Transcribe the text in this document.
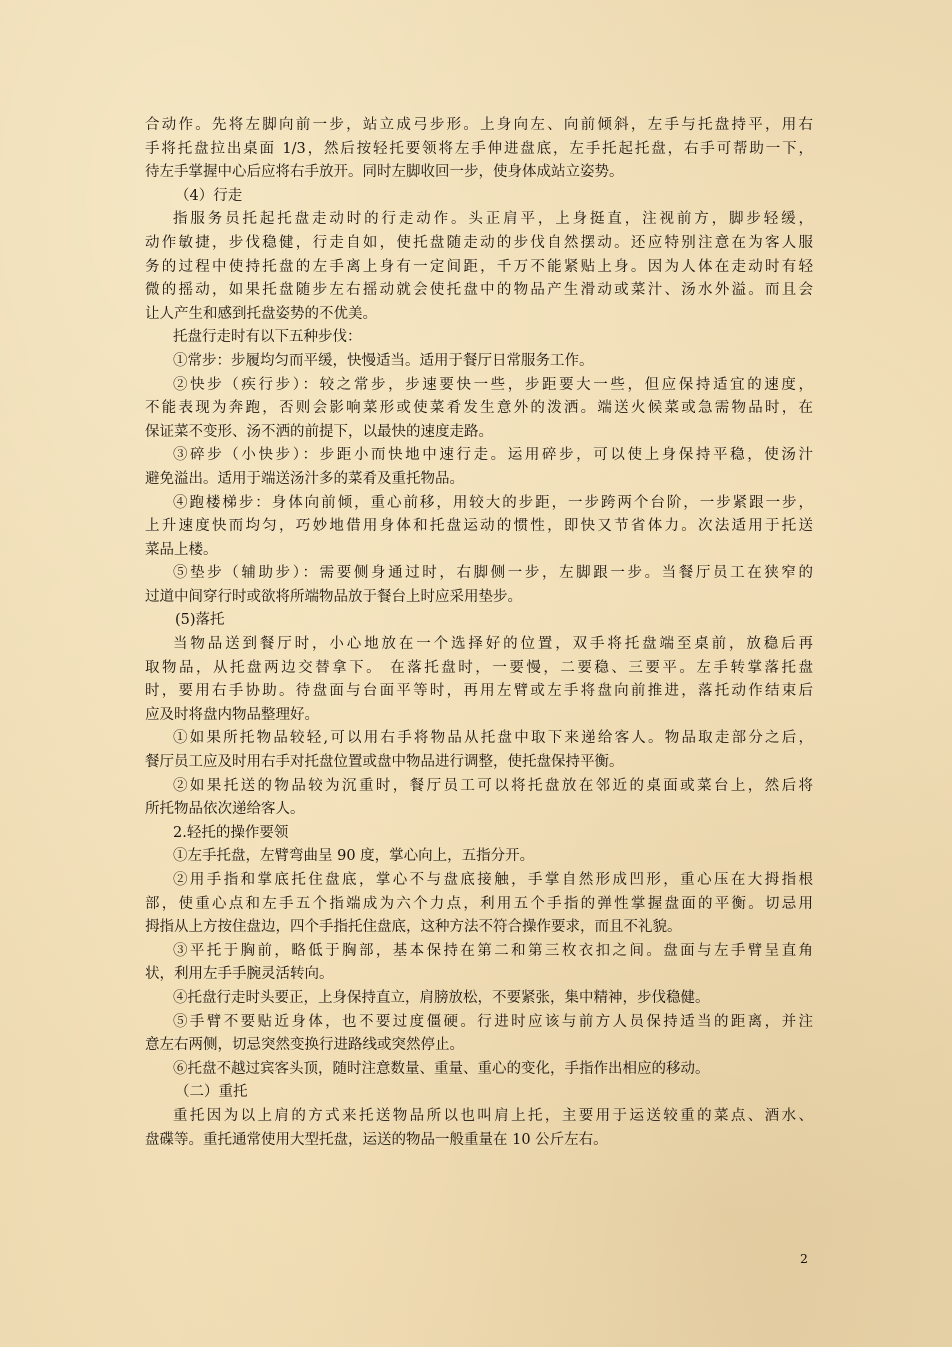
合动作。先将左脚向前一步，站立成弓步形。上身向左、向前倾斜，左手与托盘持平，用右
手将托盘拉出桌面 1/3，然后按轻托要领将左手伸进盘底，左手托起托盘，右手可帮助一下，
待左手掌握中心后应将右手放开。同时左脚收回一步，使身体成站立姿势。
（4）行走
指服务员托起托盘走动时的行走动作。头正肩平，上身挺直，注视前方，脚步轻缓，
动作敏捷，步伐稳健，行走自如，使托盘随走动的步伐自然摆动。还应特别注意在为客人服
务的过程中使持托盘的左手离上身有一定间距，千万不能紧贴上身。因为人体在走动时有轻
微的摇动，如果托盘随步左右摇动就会使托盘中的物品产生滑动或菜汁、汤水外溢。而且会
让人产生和感到托盘姿势的不优美。
托盘行走时有以下五种步伐：
①常步：步履均匀而平缓，快慢适当。适用于餐厅日常服务工作。
②快步（疾行步）：较之常步，步速要快一些，步距要大一些，但应保持适宜的速度，
不能表现为奔跑，否则会影响菜形或使菜肴发生意外的泼洒。端送火候菜或急需物品时，在
保证菜不变形、汤不洒的前提下，以最快的速度走路。
③碎步（小快步）：步距小而快地中速行走。运用碎步，可以使上身保持平稳，使汤汁
避免溢出。适用于端送汤汁多的菜肴及重托物品。
④跑楼梯步：身体向前倾，重心前移，用较大的步距，一步跨两个台阶，一步紧跟一步，
上升速度快而均匀，巧妙地借用身体和托盘运动的惯性，即快又节省体力。次法适用于托送
菜品上楼。
⑤垫步（辅助步）：需要侧身通过时，右脚侧一步，左脚跟一步。当餐厅员工在狭窄的
过道中间穿行时或欲将所端物品放于餐台上时应采用垫步。
(5)落托
当物品送到餐厅时，小心地放在一个选择好的位置，双手将托盘端至桌前，放稳后再
取物品，从托盘两边交替拿下。 在落托盘时，一要慢，二要稳、三要平。左手转掌落托盘
时，要用右手协助。待盘面与台面平等时，再用左臂或左手将盘向前推进，落托动作结束后
应及时将盘内物品整理好。
①如果所托物品较轻,可以用右手将物品从托盘中取下来递给客人。物品取走部分之后，
餐厅员工应及时用右手对托盘位置或盘中物品进行调整，使托盘保持平衡。
②如果托送的物品较为沉重时，餐厅员工可以将托盘放在邻近的桌面或菜台上，然后将
所托物品依次递给客人。
2.轻托的操作要领
①左手托盘，左臂弯曲呈 90 度，掌心向上，五指分开。
②用手指和掌底托住盘底，掌心不与盘底接触，手掌自然形成凹形，重心压在大拇指根
部，使重心点和左手五个指端成为六个力点，利用五个手指的弹性掌握盘面的平衡。切忌用
拇指从上方按住盘边，四个手指托住盘底，这种方法不符合操作要求，而且不礼貌。
③平托于胸前，略低于胸部，基本保持在第二和第三枚衣扣之间。盘面与左手臂呈直角
状，利用左手手腕灵活转向。
④托盘行走时头要正，上身保持直立，肩膀放松，不要紧张，集中精神，步伐稳健。
⑤手臂不要贴近身体，也不要过度僵硬。行进时应该与前方人员保持适当的距离，并注
意左右两侧，切忌突然变换行进路线或突然停止。
⑥托盘不越过宾客头顶，随时注意数量、重量、重心的变化，手指作出相应的移动。
（二）重托
重托因为以上肩的方式来托送物品所以也叫肩上托，主要用于运送较重的菜点、酒水、
盘碟等。重托通常使用大型托盘，运送的物品一般重量在 10 公斤左右。
2
